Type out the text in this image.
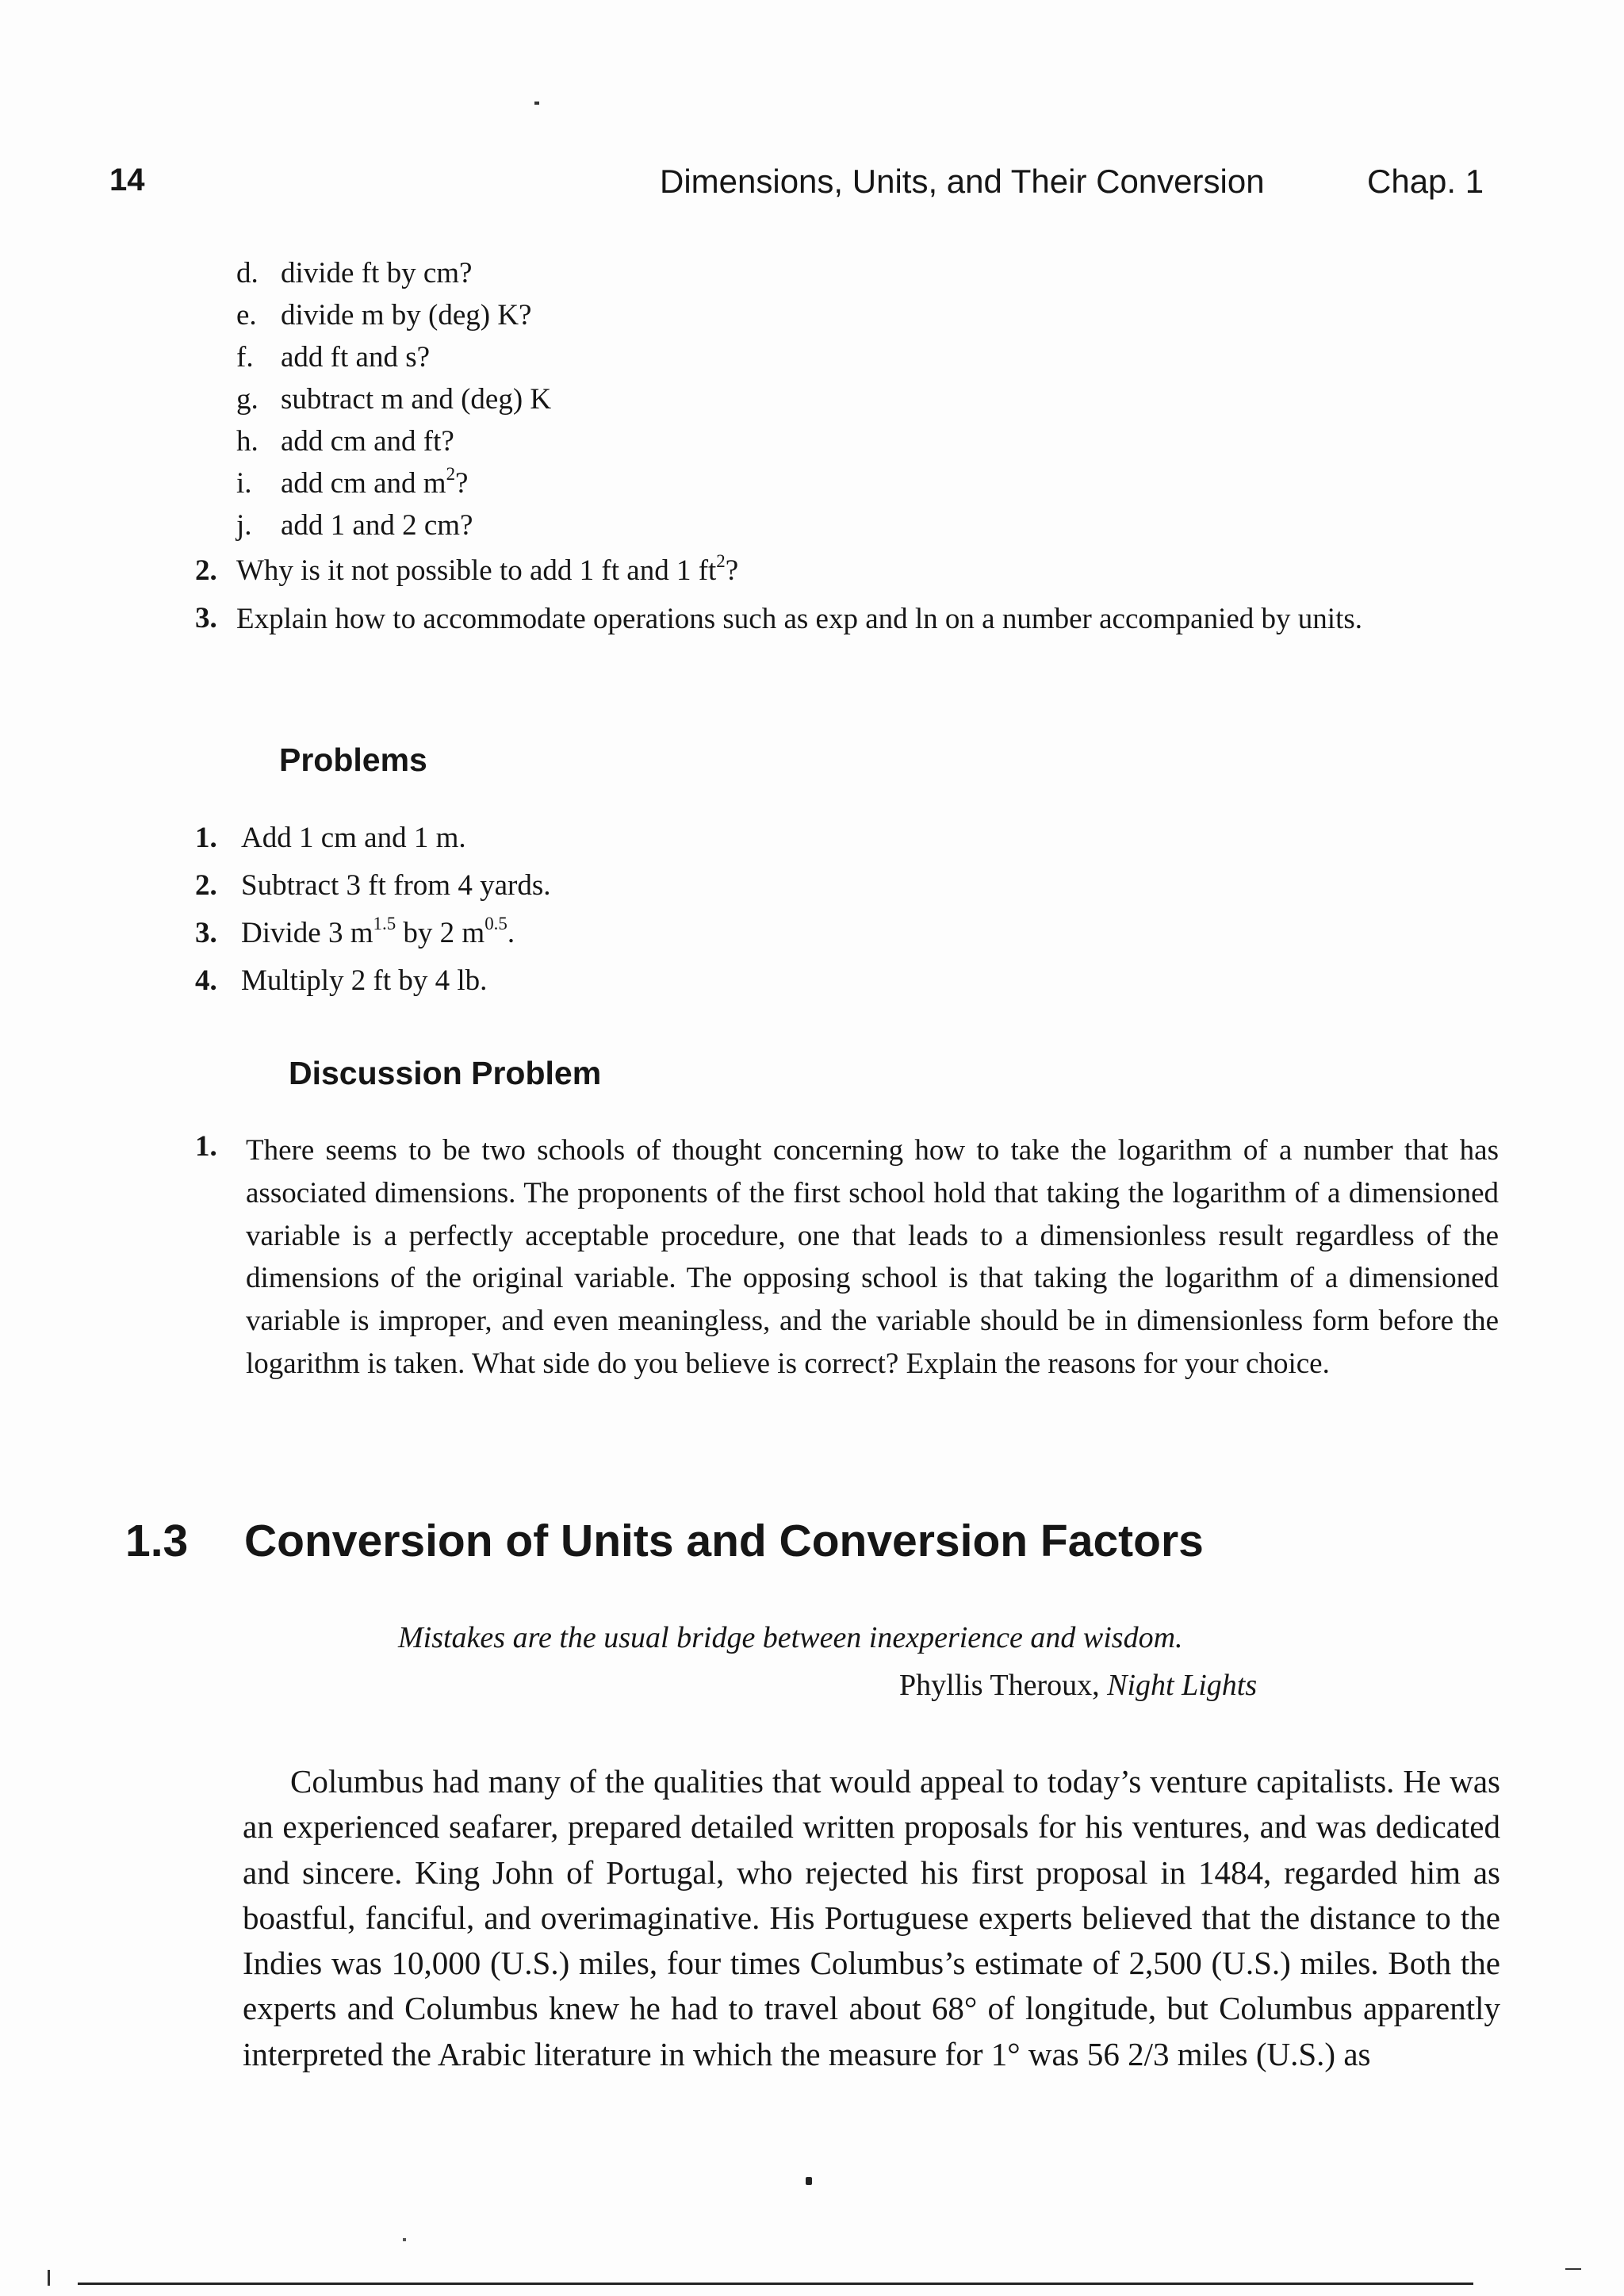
14	Dimensions, Units, and Their Conversion	Chap. 1
d. divide ft by cm?
e. divide m by (deg) K?
f. add ft and s?
g. subtract m and (deg) K
h. add cm and ft?
i. add cm and $m^2$?
j. add 1 and 2 cm?
2. Why is it not possible to add 1 ft and 1 $ft^2$?
3. Explain how to accommodate operations such as exp and ln on a number accompanied by units.
Problems
1. Add 1 cm and 1 m.
2. Subtract 3 ft from 4 yards.
3. Divide 3 $m^{1.5}$ by 2 $m^{0.5}$.
4. Multiply 2 ft by 4 lb.
Discussion Problem
1. There seems to be two schools of thought concerning how to take the logarithm of a number that has associated dimensions. The proponents of the first school hold that taking the logarithm of a dimensioned variable is a perfectly acceptable procedure, one that leads to a dimensionless result regardless of the dimensions of the original variable. The opposing school is that taking the logarithm of a dimensioned variable is improper, and even meaningless, and the variable should be in dimensionless form before the logarithm is taken. What side do you believe is correct? Explain the reasons for your choice.
1.3 Conversion of Units and Conversion Factors
Mistakes are the usual bridge between inexperience and wisdom.
Phyllis Theroux, Night Lights
Columbus had many of the qualities that would appeal to today’s venture capitalists. He was an experienced seafarer, prepared detailed written proposals for his ventures, and was dedicated and sincere. King John of Portugal, who rejected his first proposal in 1484, regarded him as boastful, fanciful, and overimaginative. His Portuguese experts believed that the distance to the Indies was 10,000 (U.S.) miles, four times Columbus’s estimate of 2,500 (U.S.) miles. Both the experts and Columbus knew he had to travel about 68° of longitude, but Columbus apparently interpreted the Arabic literature in which the measure for 1° was 56 2/3 miles (U.S.) as
